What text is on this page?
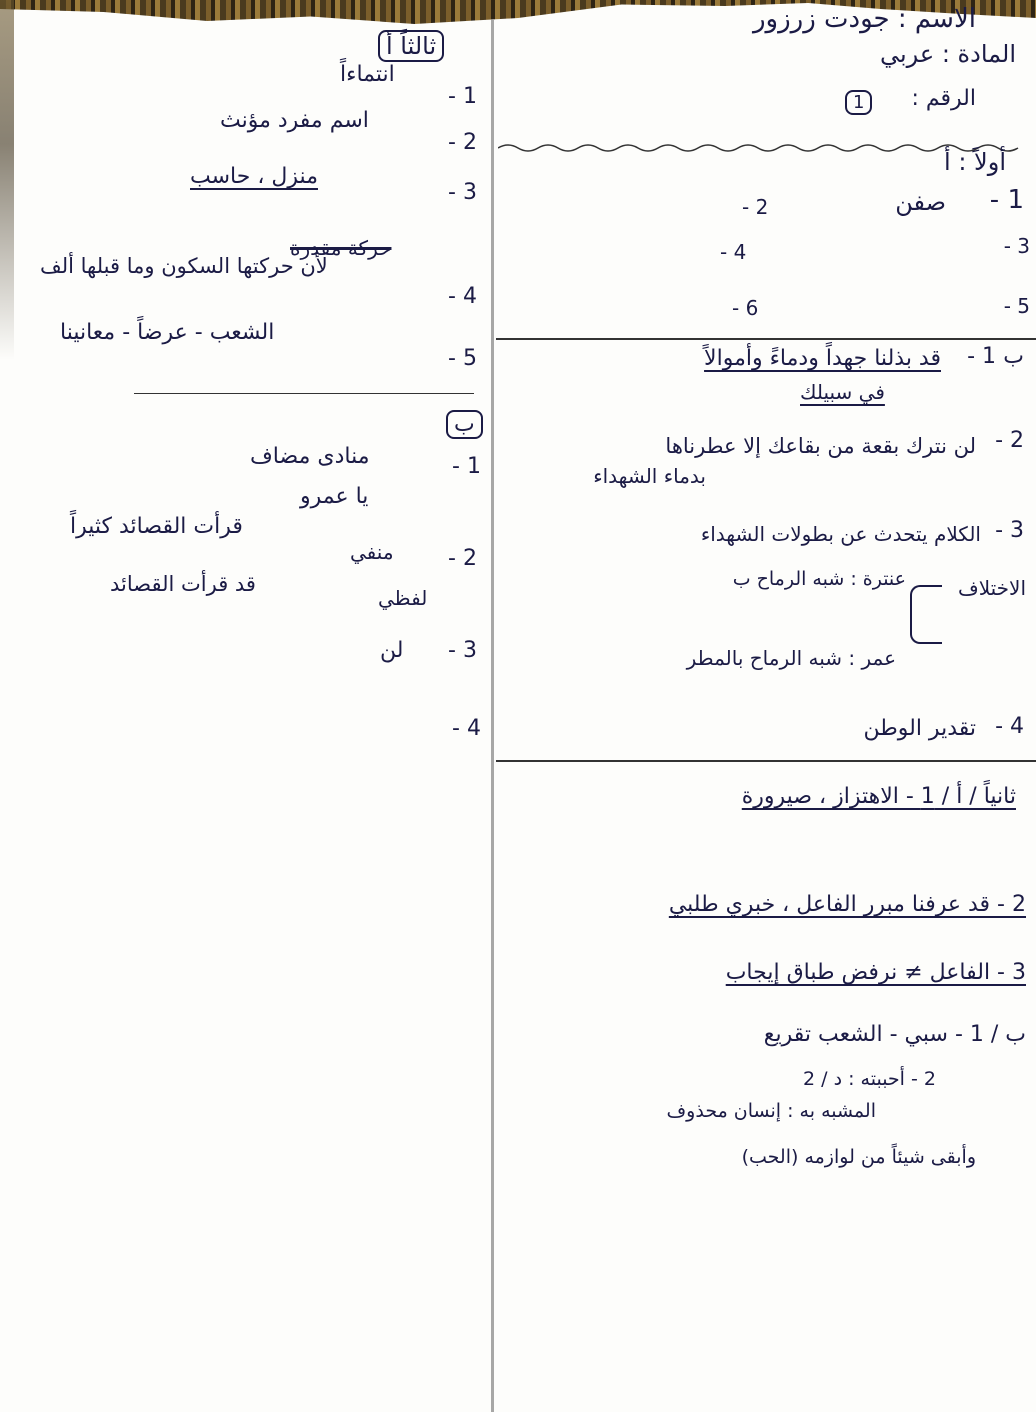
الاسم : جودت زرزور
المادة : عربي
الرقم :
1
أولاً : أ
1 -
صفن
2 -
3 -
4 -
5 -
6 -
ب
1 -
قد بذلنا جهداً ودماءً وأموالاً
في سبيلك
2 -
لن نترك بقعة من بقاعك إلا عطرناها
بدماء الشهداء
3 -
الكلام يتحدث عن بطولات الشهداء
الاختلاف
عنترة : شبه الرماح ب
عمر : شبه الرماح بالمطر
4 -
تقدير الوطن
ثانياً / أ / 1 - الاهتزاز ، صيرورة
2 - قد عرفنا مبرر الفاعل ، خبري طلبي
3 - الفاعل ≠ نرفض طباق إيجاب
ب / 1 - سبي - الشعب تقريع
2 - أحببته : د / 2
المشبه به : إنسان محذوف
وأبقى شيئاً من لوازمه (الحب)
ثالثاً أ
1 -
انتماءاً
2 -
اسم مفرد مؤنث
3 -
منزل ، حاسب
حركة مقدرة
4 -
لأن حركتها السكون وما قبلها ألف
5 -
الشعب - عرضاً - معانينا
ب
1 -
منادى مضاف
يا عمرو
2 -
منفي
قرأت القصائد كثيراً
لفظي
قد قرأت القصائد
3 -
لن
4 -
